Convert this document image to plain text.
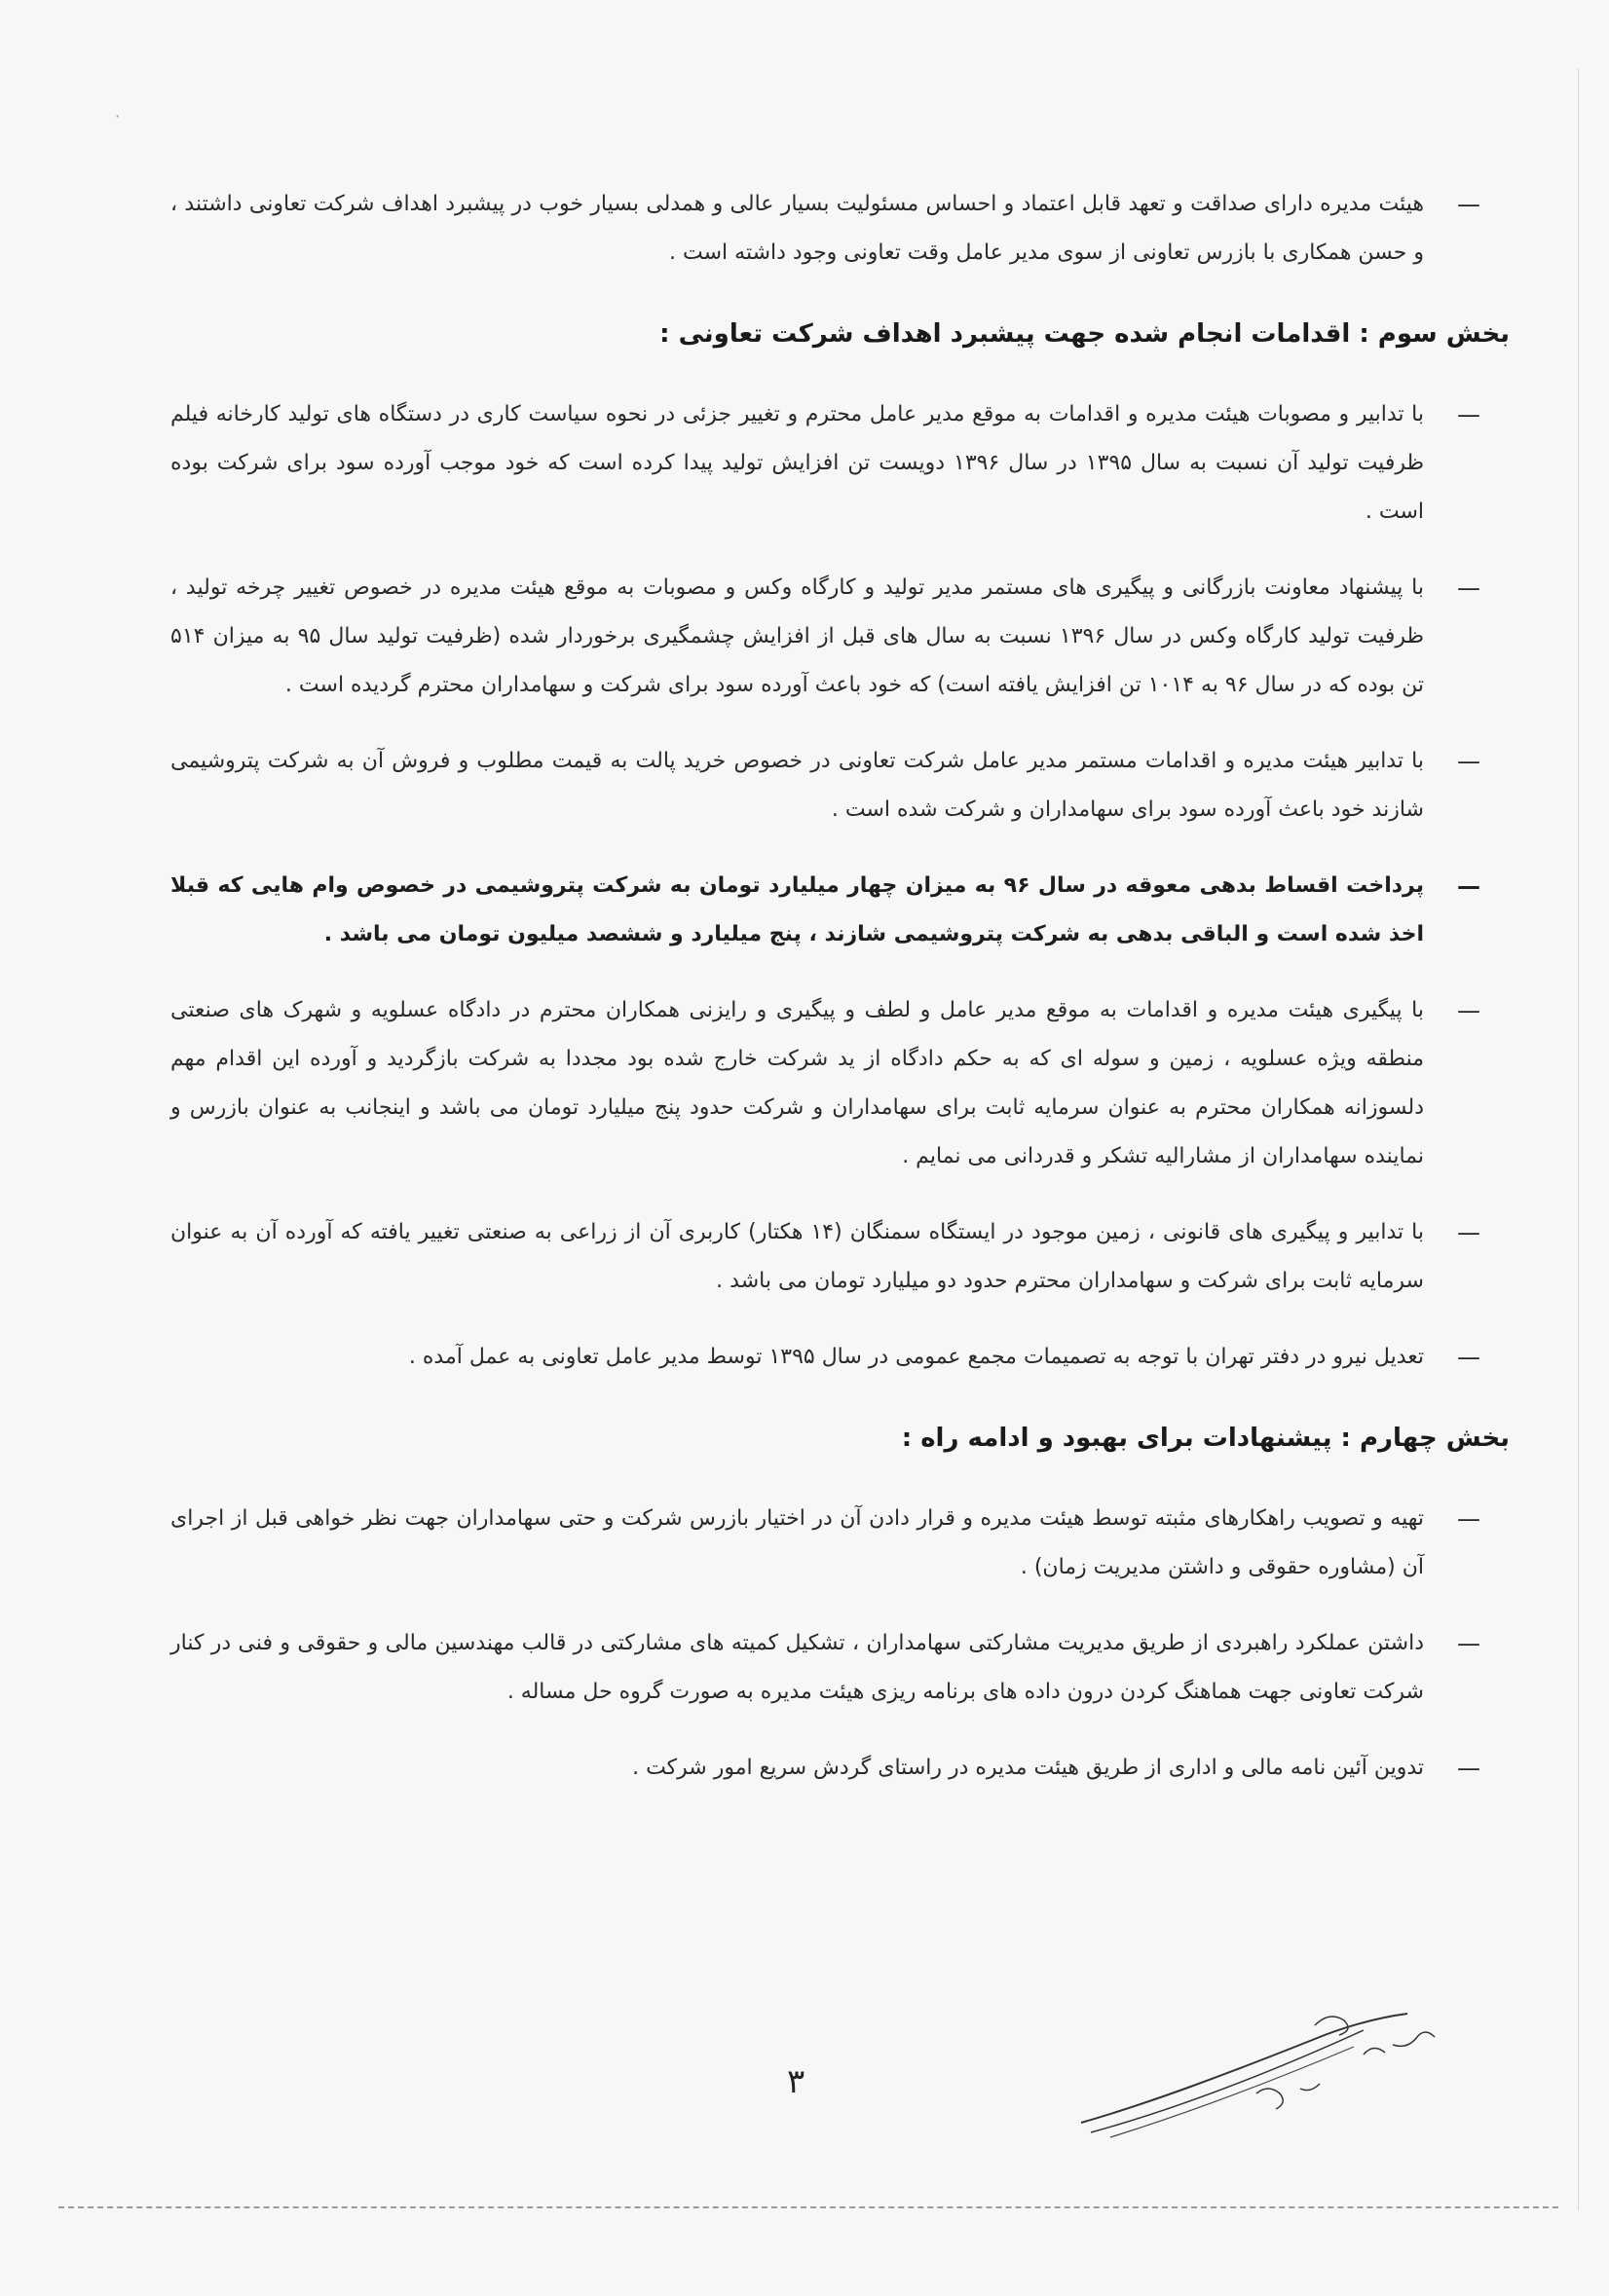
·
—
هیئت مدیره دارای صداقت و تعهد قابل اعتماد و احساس مسئولیت بسیار عالی و همدلی بسیار خوب در پیشبرد اهداف شرکت تعاونی داشتند ، و حسن همکاری با بازرس تعاونی از سوی مدیر عامل وقت تعاونی وجود داشته است .
بخش سوم : اقدامات انجام شده جهت پیشبرد اهداف شرکت تعاونی :
—
با تدابیر و مصوبات هیئت مدیره و اقدامات به موقع مدیر عامل محترم و تغییر جزئی در نحوه سیاست کاری در دستگاه های تولید کارخانه فیلم ظرفیت تولید آن نسبت به سال ۱۳۹۵ در سال ۱۳۹۶ دویست تن افزایش تولید پیدا کرده است که خود موجب آورده سود برای شرکت بوده است .
—
با پیشنهاد معاونت بازرگانی و پیگیری های مستمر مدیر تولید و کارگاه وکس و مصوبات به موقع هیئت مدیره در خصوص تغییر چرخه تولید ، ظرفیت تولید کارگاه وکس در سال ۱۳۹۶ نسبت به سال های قبل از افزایش چشمگیری برخوردار شده (ظرفیت تولید سال ۹۵ به میزان ۵۱۴ تن بوده که در سال ۹۶ به ۱۰۱۴ تن افزایش یافته است) که خود باعث آورده سود برای شرکت و سهامداران محترم گردیده است .
—
با تدابیر هیئت مدیره و اقدامات مستمر مدیر عامل شرکت تعاونی در خصوص خرید پالت به قیمت مطلوب و فروش آن به شرکت پتروشیمی شازند خود باعث آورده سود برای سهامداران و شرکت شده است .
—
پرداخت اقساط بدهی معوقه در سال ۹۶ به میزان چهار میلیارد تومان به شرکت پتروشیمی در خصوص وام هایی که قبلا اخذ شده است و الباقی بدهی به شرکت پتروشیمی شازند ، پنج میلیارد و ششصد میلیون تومان می باشد .
—
با پیگیری هیئت مدیره و اقدامات به موقع مدیر عامل و لطف و پیگیری و رایزنی همکاران محترم در دادگاه عسلویه و شهرک های صنعتی منطقه ویژه عسلویه ، زمین و سوله ای که به حکم دادگاه از ید شرکت خارج شده بود مجددا به شرکت بازگردید و آورده این اقدام مهم دلسوزانه همکاران محترم به عنوان سرمایه ثابت برای سهامداران و شرکت حدود پنج میلیارد تومان می باشد و اینجانب به عنوان بازرس و نماینده سهامداران از مشارالیه تشکر و قدردانی می نمایم .
—
با تدابیر و پیگیری های قانونی ، زمین موجود در ایستگاه سمنگان (۱۴ هکتار) کاربری آن از زراعی به صنعتی تغییر یافته که آورده آن به عنوان سرمایه ثابت برای شرکت و سهامداران محترم حدود دو میلیارد تومان می باشد .
—
تعدیل نیرو در دفتر تهران با توجه به تصمیمات مجمع عمومی در سال ۱۳۹۵ توسط مدیر عامل تعاونی به عمل آمده .
بخش چهارم : پیشنهادات برای بهبود و ادامه راه :
—
تهیه و تصویب راهکارهای مثبته توسط هیئت مدیره و قرار دادن آن در اختیار بازرس شرکت و حتی سهامداران جهت نظر خواهی قبل از اجرای آن (مشاوره حقوقی و داشتن مدیریت زمان) .
—
داشتن عملکرد راهبردی از طریق مدیریت مشارکتی سهامداران ، تشکیل کمیته های مشارکتی در قالب مهندسین مالی و حقوقی و فنی در کنار شرکت تعاونی جهت هماهنگ کردن درون داده های برنامه ریزی هیئت مدیره به صورت گروه حل مساله .
—
تدوین آئین نامه مالی و اداری از طریق هیئت مدیره در راستای گردش سریع امور شرکت .
۳
